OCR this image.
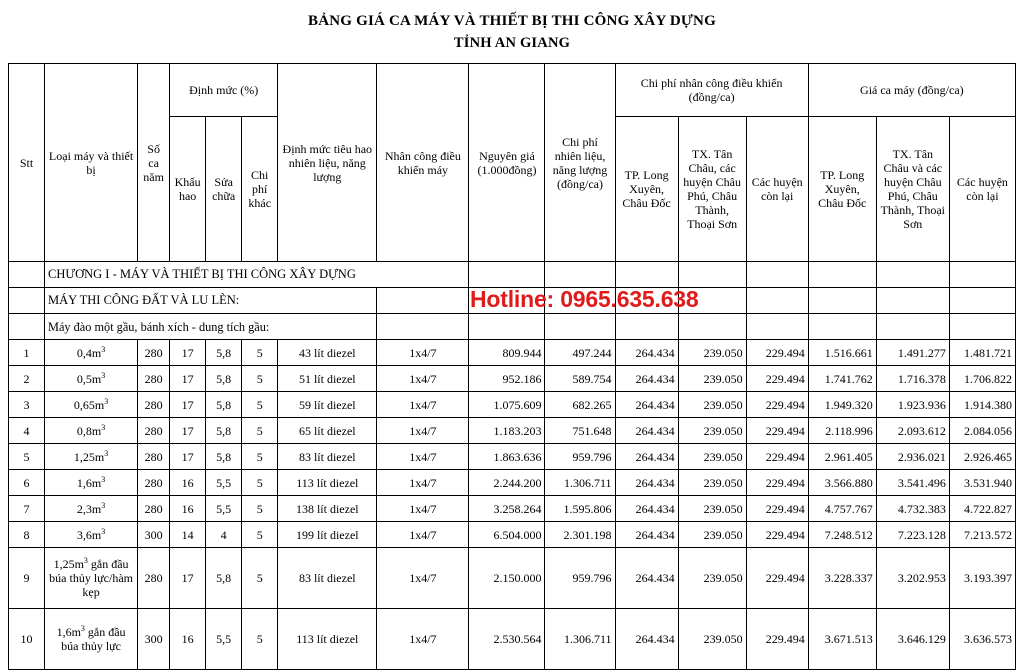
BẢNG GIÁ CA MÁY VÀ THIẾT BỊ THI CÔNG XÂY DỰNG
TỈNH AN GIANG
Stt	Loại máy và thiết bị	Số ca năm	Định mức (%)			Định mức tiêu hao nhiên liệu, năng lượng	Nhân công điều khiển máy	Nguyên giá (1.000đồng)	Chi phí nhiên liệu, năng lượng (đồng/ca)	Chi phí nhân công điều khiển (đồng/ca)			Giá ca máy (đồng/ca)		
			Khấu hao	Sửa chữa	Chi phí khác					TP. Long Xuyên, Châu Đốc	TX. Tân Châu, các huyện Châu Phú, Châu Thành, Thoại Sơn	Các huyện còn lại	TP. Long Xuyên, Châu Đốc	TX. Tân Châu và các huyện Châu Phú, Châu Thành, Thoại Sơn	Các huyện còn lại
	CHƯƠNG I - MÁY VÀ THIẾT BỊ THI CÔNG XÂY DỰNG														
	MÁY THI CÔNG ĐẤT VÀ LU LÈN:														
	Máy đào một gầu, bánh xích - dung tích gầu:														
1	$0,4m^3$	280	17	5,8	5	43 lít diezel	1x4/7	809.944	497.244	264.434	239.050	229.494	1.516.661	1.491.277	1.481.721
2	$0,5m^3$	280	17	5,8	5	51 lít diezel	1x4/7	952.186	589.754	264.434	239.050	229.494	1.741.762	1.716.378	1.706.822
3	$0,65m^3$	280	17	5,8	5	59 lít diezel	1x4/7	1.075.609	682.265	264.434	239.050	229.494	1.949.320	1.923.936	1.914.380
4	$0,8m^3$	280	17	5,8	5	65 lít diezel	1x4/7	1.183.203	751.648	264.434	239.050	229.494	2.118.996	2.093.612	2.084.056
5	$1,25m^3$	280	17	5,8	5	83 lít diezel	1x4/7	1.863.636	959.796	264.434	239.050	229.494	2.961.405	2.936.021	2.926.465
6	$1,6m^3$	280	16	5,5	5	113 lít diezel	1x4/7	2.244.200	1.306.711	264.434	239.050	229.494	3.566.880	3.541.496	3.531.940
7	$2,3m^3$	280	16	5,5	5	138 lít diezel	1x4/7	3.258.264	1.595.806	264.434	239.050	229.494	4.757.767	4.732.383	4.722.827
8	$3,6m^3$	300	14	4	5	199 lít diezel	1x4/7	6.504.000	2.301.198	264.434	239.050	229.494	7.248.512	7.223.128	7.213.572
9	$1,25m^3$ gắn đầu búa thủy lực/hàm kẹp	280	17	5,8	5	83 lít diezel	1x4/7	2.150.000	959.796	264.434	239.050	229.494	3.228.337	3.202.953	3.193.397
10	$1,6m^3$ gắn đầu búa thủy lực	300	16	5,5	5	113 lít diezel	1x4/7	2.530.564	1.306.711	264.434	239.050	229.494	3.671.513	3.646.129	3.636.573
Hotline: 0965.635.638
